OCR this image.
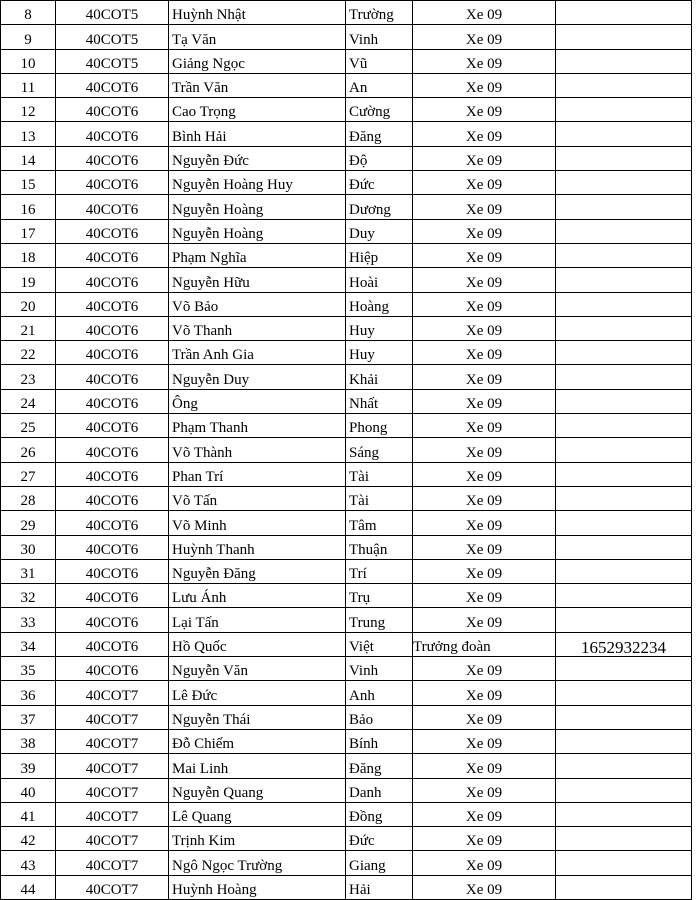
8	40COT5	Huỳnh Nhật	Trường	Xe 09	
9	40COT5	Tạ Văn	Vinh	Xe 09	
10	40COT5	Giảng Ngọc	Vũ	Xe 09	
11	40COT6	Trần Văn	An	Xe 09	
12	40COT6	Cao Trọng	Cường	Xe 09	
13	40COT6	Bình Hải	Đăng	Xe 09	
14	40COT6	Nguyễn Đức	Độ	Xe 09	
15	40COT6	Nguyễn Hoàng Huy	Đức	Xe 09	
16	40COT6	Nguyễn Hoàng	Dương	Xe 09	
17	40COT6	Nguyễn Hoàng	Duy	Xe 09	
18	40COT6	Phạm Nghĩa	Hiệp	Xe 09	
19	40COT6	Nguyễn Hữu	Hoài	Xe 09	
20	40COT6	Võ Bảo	Hoàng	Xe 09	
21	40COT6	Võ Thanh	Huy	Xe 09	
22	40COT6	Trần Anh Gia	Huy	Xe 09	
23	40COT6	Nguyễn Duy	Khải	Xe 09	
24	40COT6	Ông	Nhất	Xe 09	
25	40COT6	Phạm Thanh	Phong	Xe 09	
26	40COT6	Võ Thành	Sáng	Xe 09	
27	40COT6	Phan Trí	Tài	Xe 09	
28	40COT6	Võ Tấn	Tài	Xe 09	
29	40COT6	Võ Minh	Tâm	Xe 09	
30	40COT6	Huỳnh Thanh	Thuận	Xe 09	
31	40COT6	Nguyễn Đăng	Trí	Xe 09	
32	40COT6	Lưu Ánh	Trụ	Xe 09	
33	40COT6	Lại Tấn	Trung	Xe 09	
34	40COT6	Hồ Quốc	Việt	Trưởng đoàn	1652932234
35	40COT6	Nguyễn Văn	Vinh	Xe 09	
36	40COT7	Lê Đức	Anh	Xe 09	
37	40COT7	Nguyễn Thái	Bảo	Xe 09	
38	40COT7	Đỗ Chiếm	Bính	Xe 09	
39	40COT7	Mai Linh	Đăng	Xe 09	
40	40COT7	Nguyễn Quang	Danh	Xe 09	
41	40COT7	Lê Quang	Đồng	Xe 09	
42	40COT7	Trịnh Kim	Đức	Xe 09	
43	40COT7	Ngô Ngọc Trường	Giang	Xe 09	
44	40COT7	Huỳnh Hoàng	Hải	Xe 09	
